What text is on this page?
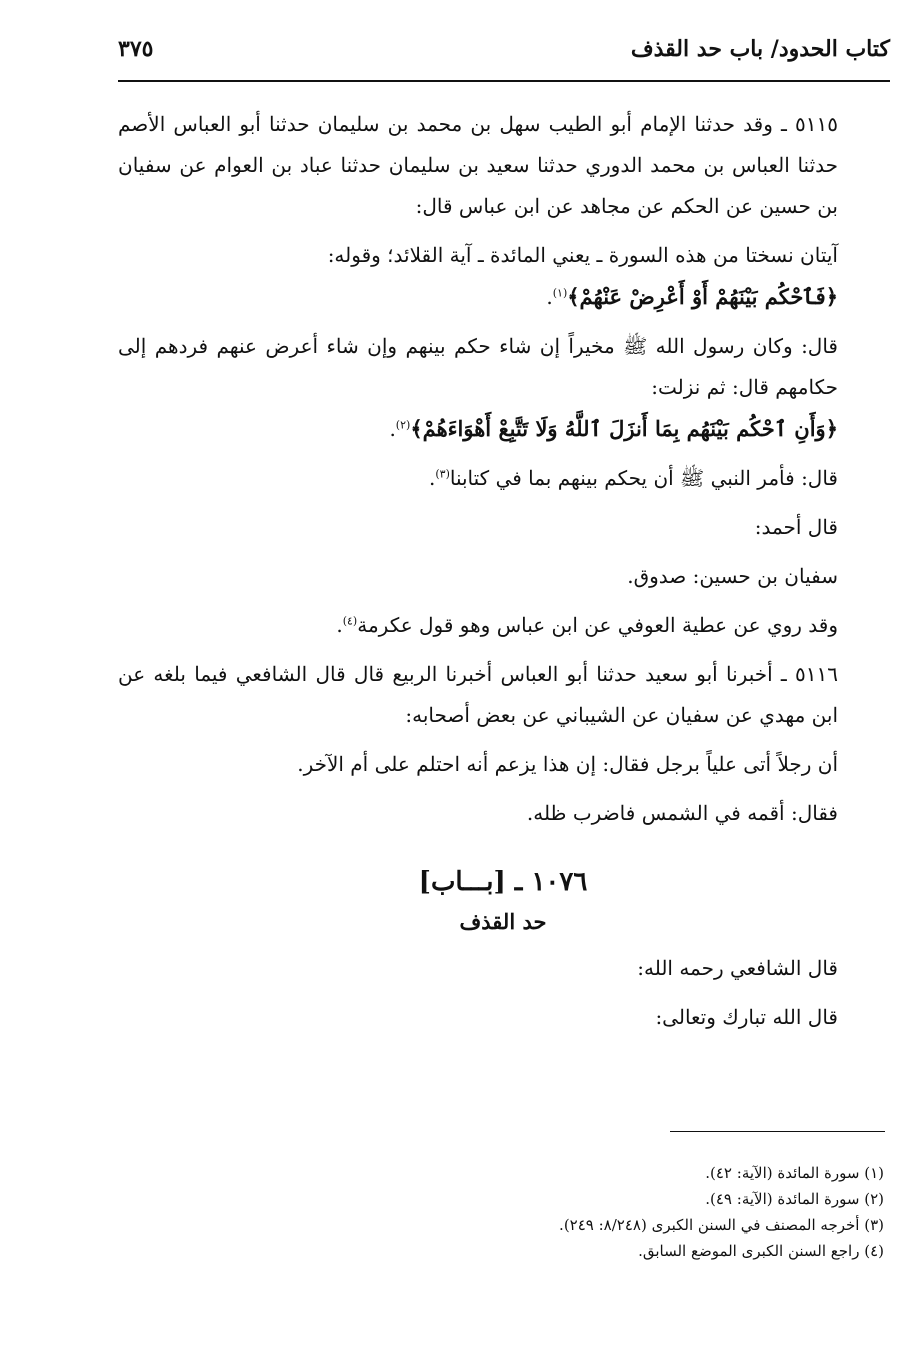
كتاب الحدود/ باب حد القذف
٣٧٥

٥١١٥ ـ وقد حدثنا الإمام أبو الطيب سهل بن محمد بن سليمان حدثنا أبو العباس الأصم حدثنا العباس بن محمد الدوري حدثنا سعيد بن سليمان حدثنا عباد بن العوام عن سفيان بن حسين عن الحكم عن مجاهد عن ابن عباس قال:

آيتان نسختا من هذه السورة ـ يعني المائدة ـ آية القلائد؛ وقوله:

﴿فَٱحْكُم بَيْنَهُمْ أَوْ أَعْرِضْ عَنْهُمْ﴾$^{(١)}$.

قال: وكان رسول الله ﷺ مخيراً إن شاء حكم بينهم وإن شاء أعرض عنهم فردهم إلى حكامهم قال: ثم نزلت:

﴿وَأَنِ ٱحْكُم بَيْنَهُم بِمَا أَنزَلَ ٱللَّهُ وَلَا تَتَّبِعْ أَهْوَاءَهُمْ﴾$^{(٢)}$.

قال: فأمر النبي ﷺ أن يحكم بينهم بما في كتابنا$^{(٣)}$.

قال أحمد:

سفيان بن حسين: صدوق.

وقد روي عن عطية العوفي عن ابن عباس وهو قول عكرمة$^{(٤)}$.

٥١١٦ ـ أخبرنا أبو سعيد حدثنا أبو العباس أخبرنا الربيع قال قال الشافعي فيما بلغه عن ابن مهدي عن سفيان عن الشيباني عن بعض أصحابه:

أن رجلاً أتى علياً برجل فقال: إن هذا يزعم أنه احتلم على أم الآخر.

فقال: أقمه في الشمس فاضرب ظله.

١٠٧٦ ـ [بـــاب]
حد القذف

قال الشافعي رحمه الله:

قال الله تبارك وتعالى:

(١) سورة المائدة (الآية: ٤٢).

(٢) سورة المائدة (الآية: ٤٩).

(٣) أخرجه المصنف في السنن الكبرى (٨/٢٤٨: ٢٤٩).

(٤) راجع السنن الكبرى الموضع السابق.
